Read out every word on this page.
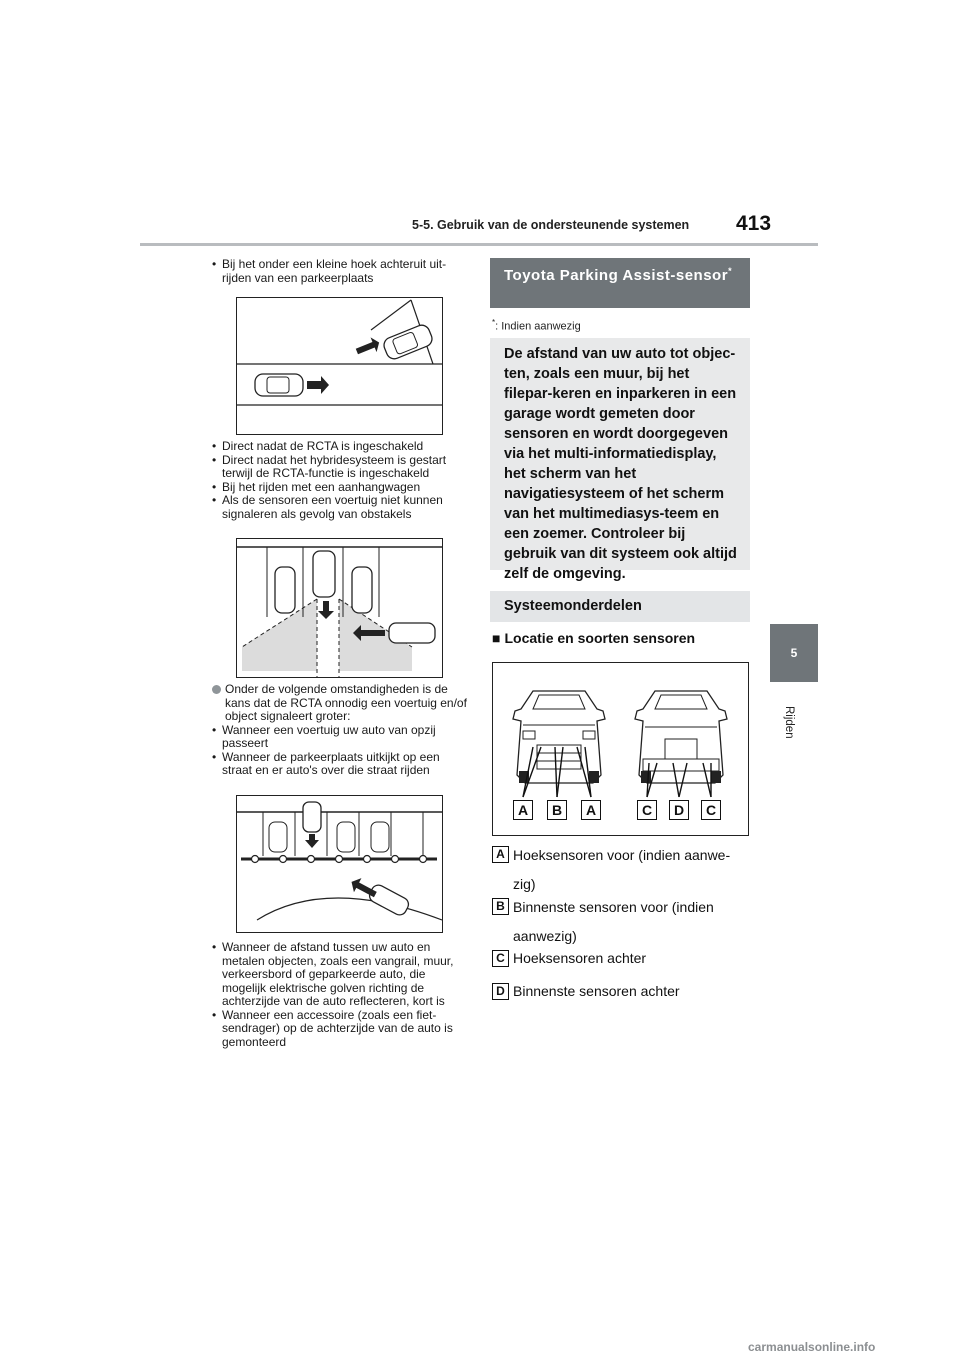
5-5. Gebruik van de ondersteunende systemen 413
5
Rijden
• Bij het onder een kleine hoek achteruit uit-rijden van een parkeerplaats
• Direct nadat de RCTA is ingeschakeld
• Direct nadat het hybridesysteem is gestart terwijl de RCTA-functie is ingeschakeld
• Bij het rijden met een aanhangwagen
• Als de sensoren een voertuig niet kunnen signaleren als gevolg van obstakels
Onder de volgende omstandigheden is de kans dat de RCTA onnodig een voertuig en/of object signaleert groter:
• Wanneer een voertuig uw auto van opzij passeert
• Wanneer de parkeerplaats uitkijkt op een straat en er auto's over die straat rijden
• Wanneer de afstand tussen uw auto en metalen objecten, zoals een vangrail, muur, verkeersbord of geparkeerde auto, die mogelijk elektrische golven richting de achterzijde van de auto reflecteren, kort is
• Wanneer een accessoire (zoals een fiet-sendrager) op de achterzijde van de auto is gemonteerd
Toyota Parking Assist-sensor*
*: Indien aanwezig
De afstand van uw auto tot objec-ten, zoals een muur, bij het filepar-keren en inparkeren in een garage wordt gemeten door sensoren en wordt doorgegeven via het multi-informatiedisplay, het scherm van het navigatiesysteem of het scherm van het multimediasys-teem en een zoemer. Controleer bij gebruik van dit systeem ook altijd zelf de omgeving.
Systeemonderdelen
■ Locatie en soorten sensoren
A	B	A	C	D	C
A Hoeksensoren voor (indien aanwe-zig)
B Binnenste sensoren voor (indien aanwezig)
C Hoeksensoren achter
D Binnenste sensoren achter
carmanualsonline.info
